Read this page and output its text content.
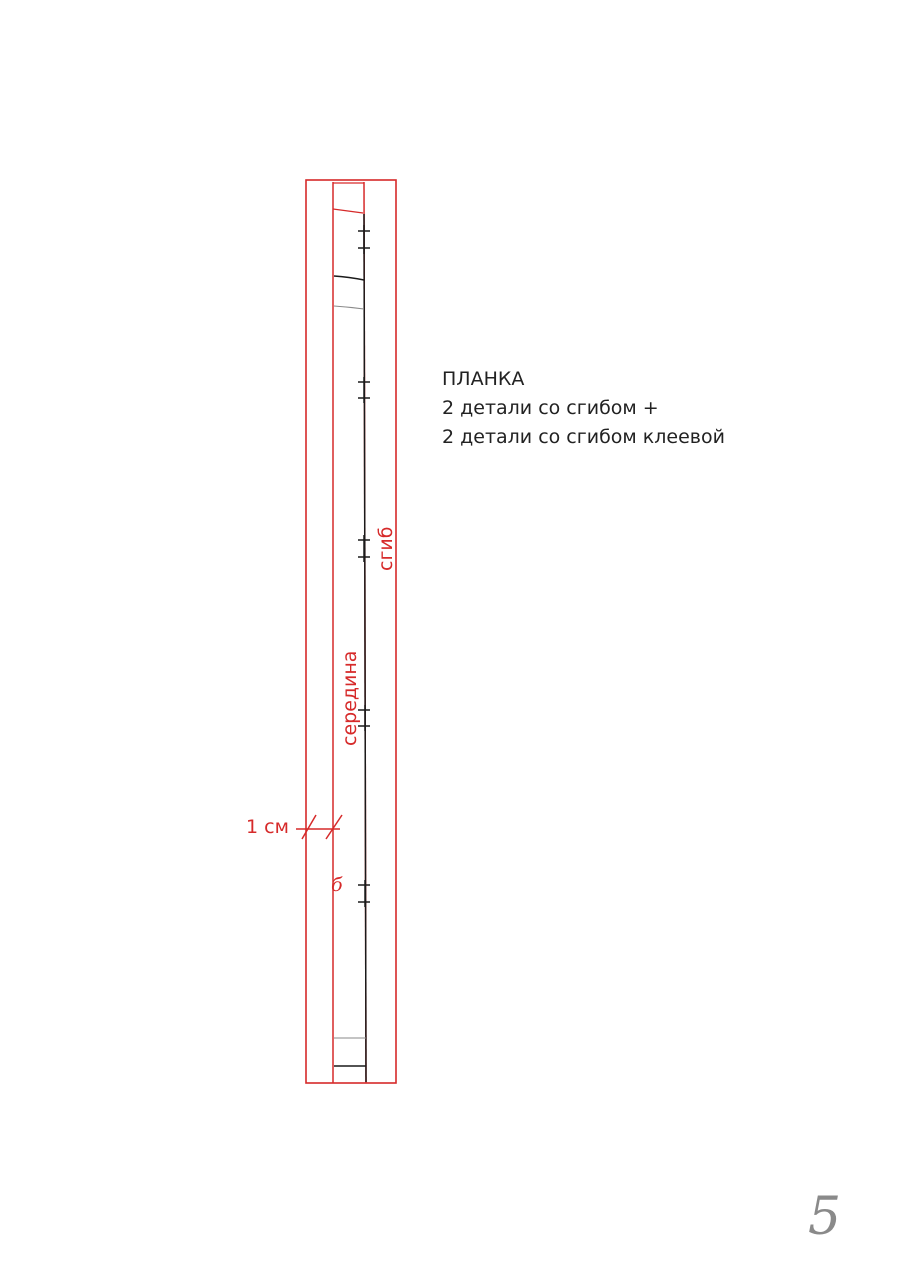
1 см
сгиб
середина
б
5
ПЛАНКА
2 детали со сгибом +
2 детали со сгибом клеевой
